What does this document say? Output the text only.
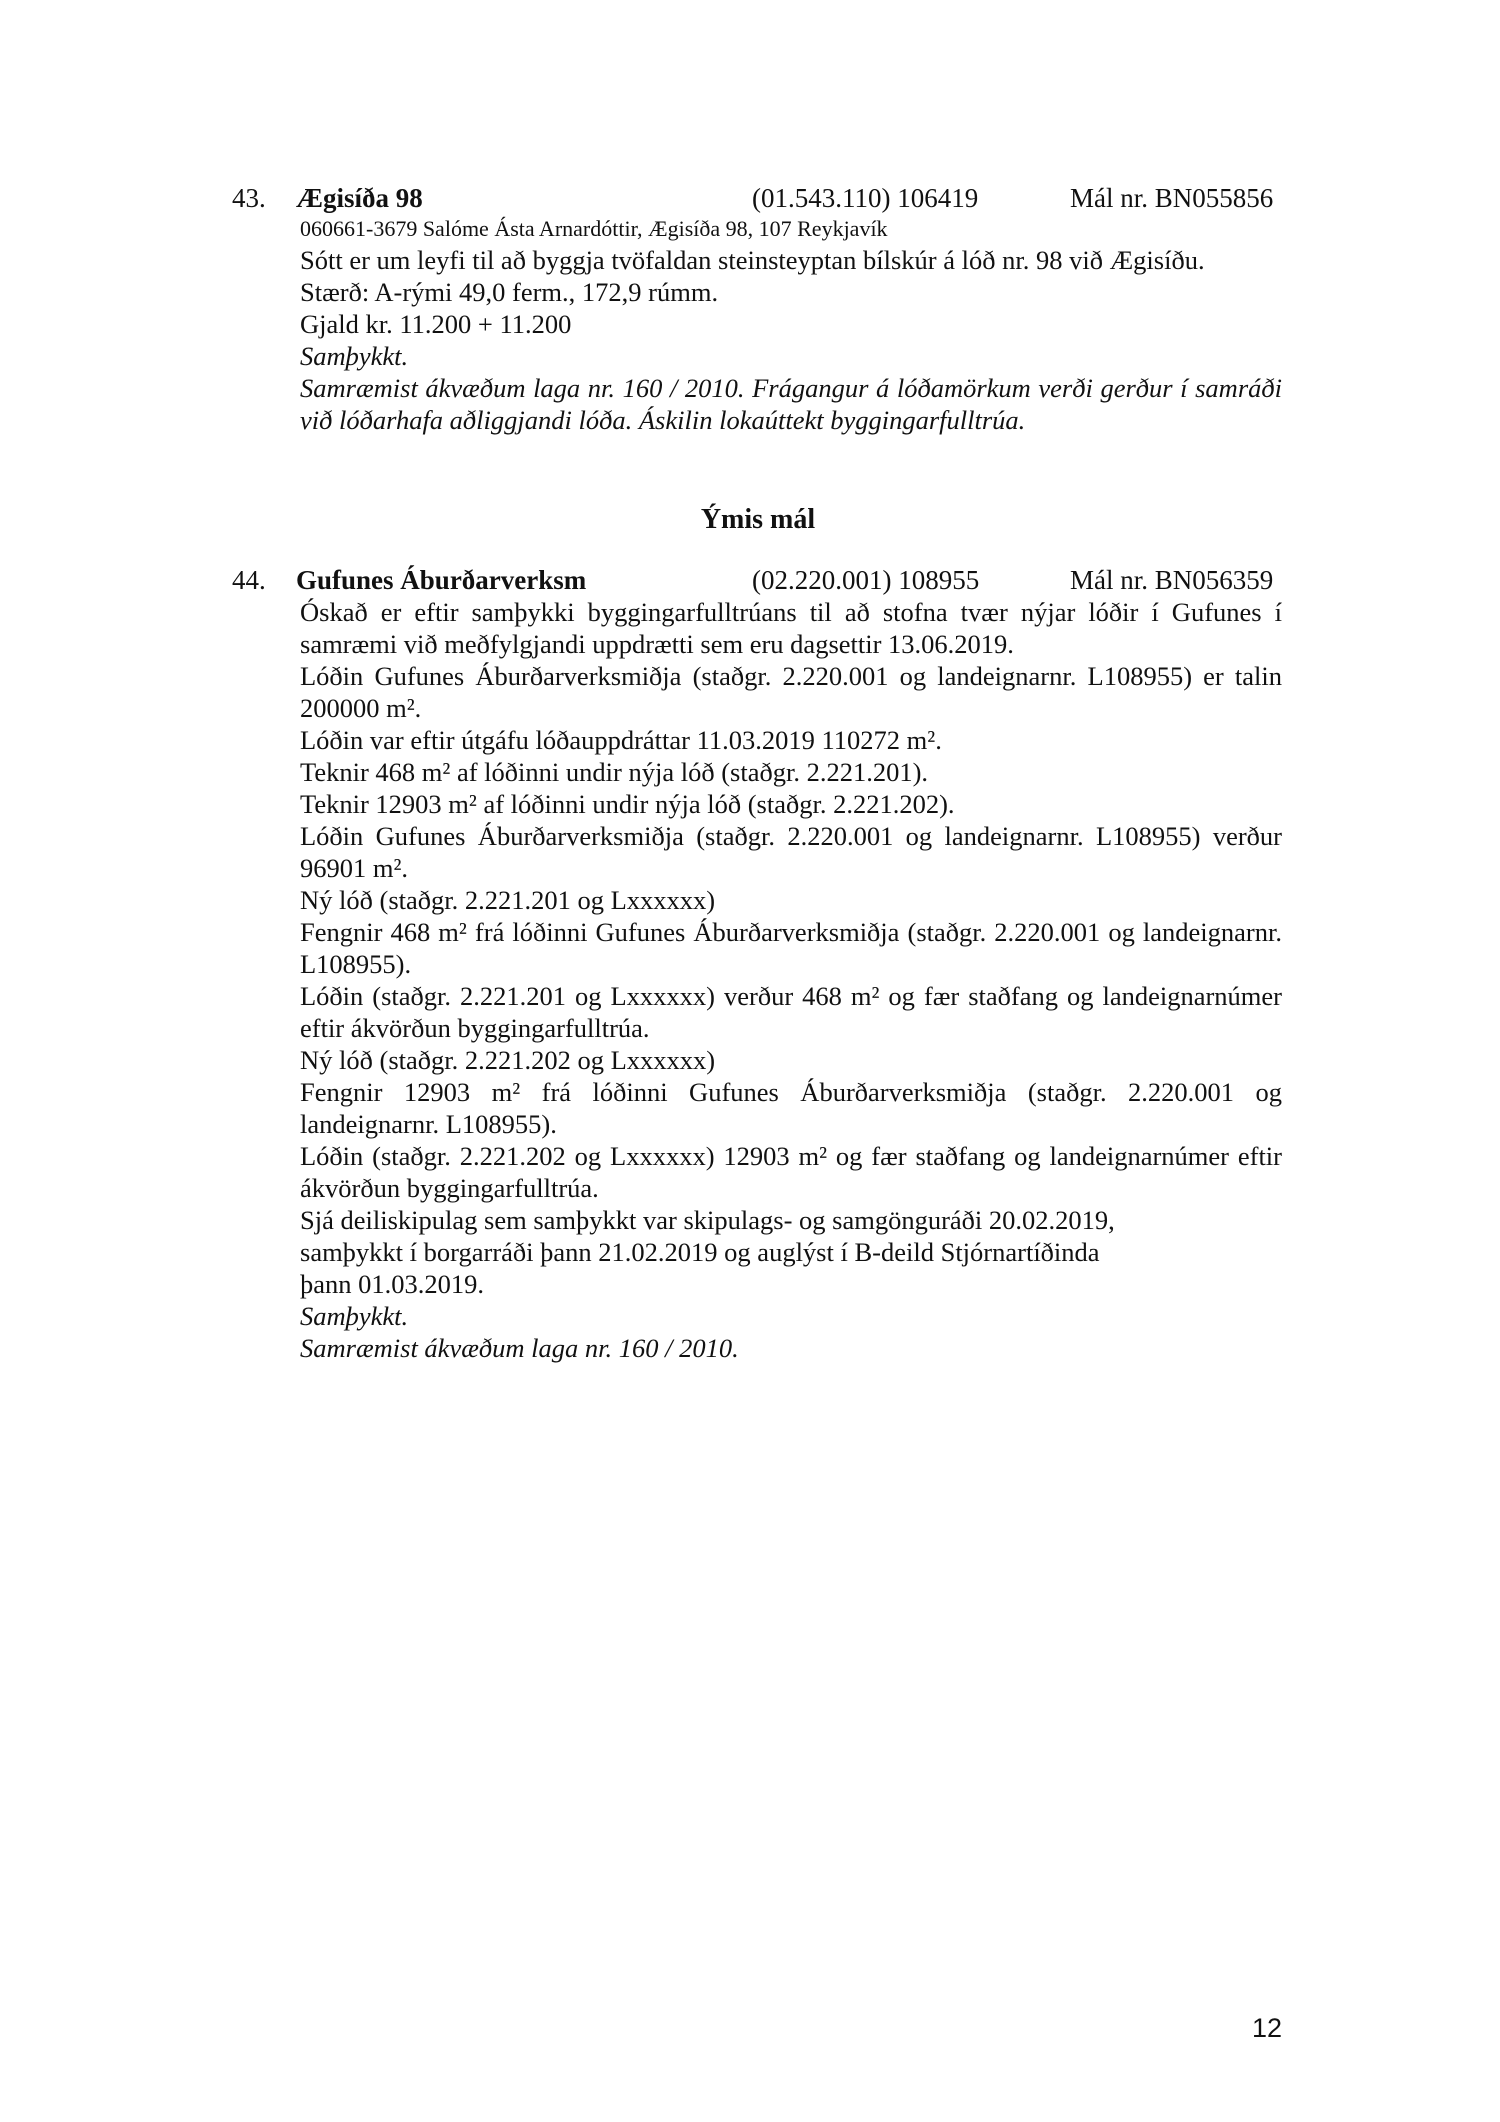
43. Ægisíða 98	(01.543.110) 106419	Mál nr. BN055856

060661-3679 Salóme Ásta Arnardóttir, Ægisíða 98, 107 Reykjavík

Sótt er um leyfi til að byggja tvöfaldan steinsteyptan bílskúr á lóð nr. 98 við Ægisíðu.

Stærð: A-rými 49,0 ferm., 172,9 rúmm.

Gjald kr. 11.200 + 11.200

Samþykkt.

Samræmist ákvæðum laga nr. 160 / 2010. Frágangur á lóðamörkum verði gerður í samráði við lóðarhafa aðliggjandi lóða. Áskilin lokaúttekt byggingarfulltrúa.

Ýmis mál
44. Gufunes Áburðarverksm	(02.220.001) 108955	Mál nr. BN056359

Óskað er eftir samþykki byggingarfulltrúans til að stofna tvær nýjar lóðir í Gufunes í samræmi við meðfylgjandi uppdrætti sem eru dagsettir 13.06.2019.

Lóðin Gufunes Áburðarverksmiðja (staðgr. 2.220.001 og landeignarnr. L108955) er talin 200000 m².

Lóðin var eftir útgáfu lóðauppdráttar 11.03.2019 110272 m².

Teknir 468 m² af lóðinni undir nýja lóð (staðgr. 2.221.201).

Teknir 12903 m² af lóðinni undir nýja lóð (staðgr. 2.221.202).

Lóðin Gufunes Áburðarverksmiðja (staðgr. 2.220.001 og landeignarnr. L108955) verður 96901 m².

Ný lóð (staðgr. 2.221.201 og Lxxxxxx)

Fengnir 468 m² frá lóðinni Gufunes Áburðarverksmiðja (staðgr. 2.220.001 og landeignarnr. L108955).

Lóðin (staðgr. 2.221.201 og Lxxxxxx) verður 468 m² og fær staðfang og landeignarnúmer eftir ákvörðun byggingarfulltrúa.

Ný lóð (staðgr. 2.221.202 og Lxxxxxx)

Fengnir 12903 m² frá lóðinni Gufunes Áburðarverksmiðja (staðgr. 2.220.001 og landeignarnr. L108955).

Lóðin (staðgr. 2.221.202 og Lxxxxxx) 12903 m² og fær staðfang og landeignarnúmer eftir ákvörðun byggingarfulltrúa.

Sjá deiliskipulag sem samþykkt var skipulags- og samgönguráði 20.02.2019,

samþykkt í borgarráði þann 21.02.2019 og auglýst í B-deild Stjórnartíðinda

þann 01.03.2019.

Samþykkt.

Samræmist ákvæðum laga nr. 160 / 2010.

12
